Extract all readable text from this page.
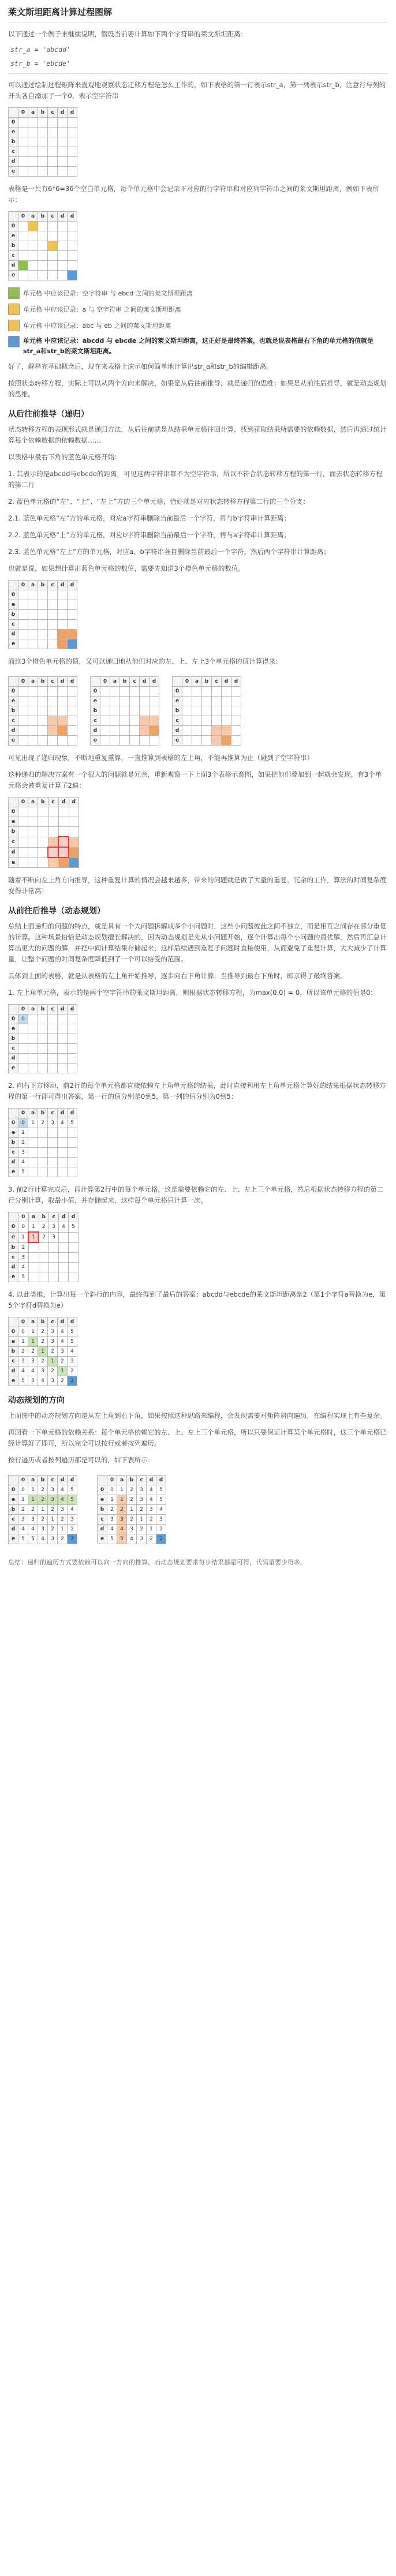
莱文斯坦距离计算过程图解

以下通过一个例子来继续说明，假设当前要计算如下两个字符串的莱文斯坦距离：

str_a = 'abcdd'
str_b = 'ebcde'

可以通过绘制过程矩阵来直观地观察状态迁移方程是怎么工作的，如下表格的第一行表示str_a，第一列表示str_b，注意行与列的开头各自添加了一个0，表示空字符串

	0	a	b	c	d	d
0						
e						
b						
c						
d						
e						

表格是一共有6*6=36个空白单元格，每个单元格中会记录下对应的行字符串和对应列字符串之间的莱文斯坦距离，例如下表所示：

	0	a	b	c	d	d
0						
e						
b						
c						
d						
e						
单元格 中应该记录：空字符串 与 ebcd 之间的莱文斯坦距离
单元格 中应该记录：a 与 空字符串 之间的莱文斯坦距离
单元格 中应该记录：abc 与 eb 之间的莱文斯坦距离
单元格 中应该记录：abcdd 与 ebcde 之间的莱文斯坦距离，这正好是最终答案，也就是说表格最右下角的单元格的值就是str_a和str_b的莱文斯坦距离。

好了，解释完基础概念后，现在来表格上演示如何简单地计算出str_a和str_b的编辑距离。

按照状态转移方程，实际上可以从两个方向来解决，如果是从后往前推导，就是递归的思维；如果是从前往后推导，就是动态规划的思维。

从后往前推导（递归）

状态转移方程的表现形式就是递归方法，从后往前就是从结果单元格往回计算，找到获取结果所需要的依赖数据，然后再通过统计算每个依赖数据的依赖数据……

以表格中最右下角的蓝色单元格开始：

1. 其表示的是abcdd与ebcde的距离，可见这两字符串都不为空字符串，所以不符合状态转移方程的第一行，而去状态转移方程的第二行

2. 蓝色单元格的“左”、“上”、“左上”方的三个单元格，恰好就是对应状态转移方程第二行的三个分支：

2.1. 蓝色单元格“左”方的单元格，对应a字符串删除当前最后一个字符，再与b字符串计算距离；

2.2. 蓝色单元格“上”方的单元格，对应b字符串删除当前最后一个字符，再与a字符串计算距离；

2.3. 蓝色单元格“左上”方的单元格，对应a、b字符串各自删除当前最后一个字符，然后两个字符串计算距离；

也就是说，如果想计算出蓝色单元格的数值，需要先知道3个橙色单元格的数值。

	0	a	b	c	d	d
0						
e						
b						
c						
d						
e						

而这3个橙色单元格的值，又可以递归地从他们对应的左、上、左上3个单元格的值计算得来：

	0	a	b	c	d	d
0						
e						
b						
c						
d						
e						
	0	a	b	c	d	d
0						
e						
b						
c						
d						
e						
	0	a	b	c	d	d
0						
e						
b						
c						
d						
e						

可见出现了递归现象，不断地重复重算，一直推算到表格的左上角，不能再推算为止（碰到了空字符串）

这种递归的解决方案有一个很大的问题就是冗余，重新观察一下上面3个表格示意图，如果把他们叠加到一起就会发现，有3个单元格会被重复计算了2遍：

	0	a	b	c	d	d
0						
e						
b						
c						
d						
e						

随着不断向左上角方向推导，这种重复计算的情况会越来越多，带来的问题就是做了大量的重复、冗余的工作，算法的时间复杂度变得非常高！

从前往后推导（动态规划）

总结上面递归的问题的特点，就是具有一个大问题拆解成多个小问题时，这些小问题彼此之间不独立，而是相互之间存在部分重复的计算。这种场景恰恰是动态规划擅长解决的，因为动态规划是先从小问题开始，逐个计算出每个小问题的最优解，然后再汇总计算出更大的问题的解，并把中间计算结果存储起来，这样后续遇到重复子问题时直接使用，从而避免了重复计算，大大减少了计算量，让整个问题的时间复杂度降低到了一个可以接受的范围。

具体到上面的表格，就是从表格的左上角开始推导，逐步向右下角计算，当推导到最右下角时，即求得了最终答案。

1. 左上角单元格，表示的是两个空字符串的莱文斯坦距离，则根据状态转移方程，为max(0,0) = 0，所以该单元格的值是0：

	0	a	b	c	d	d
0	0					
e						
b						
c						
d						
e						

2. 向右下方移动，前2行的每个单元格都直接依赖左上角单元格的结果，此时直接利用左上角单元格计算好的结果根据状态转移方程的第一行即可得出答案，第一行的值分别是0到5，第一列的值分别为0到5：

	0	a	b	c	d	d
0	0	1	2	3	4	5
e	1					
b	2					
c	3					
d	4					
e	5					

3. 前2行计算完成后，再计算第2行中的每个单元格，这是需要依赖它的左、上、左上三个单元格，然后根据状态转移方程的第二行分别计算，取最小值，并存储起来，这样每个单元格只计算一次。

	0	a	b	c	d	d
0	0	1	2	3	4	5
e	1	1	2	3		
b	2					
c	3					
d	4					
e	5					

4. 以此类推，计算出每一个斜行的内容，最终得到了最后的答案：abcdd与ebcde的莱文斯坦距离是2（第1个字符a替换为e，第5个字符d替换为e）

	0	a	b	c	d	d
0	0	1	2	3	4	5
e	1	1	2	3	4	5
b	2	2	1	2	3	4
c	3	3	2	1	2	3
d	4	4	3	2	1	2
e	5	5	4	3	2	2
动态规划的方向

上面图中的动态规划方向是从左上角到右下角，如果按照这种思路来编程，会发现需要对矩阵斜向遍历，在编程实现上有些复杂。

再回看一下单元格的依赖关系：每个单元格依赖它的左、上、左上三个单元格，所以只要保证计算某个单元格时，这三个单元格已经计算好了即可，所以完全可以按行或者按列遍历。

按行遍历或者按列遍历都是可以的，如下表所示：

	0	a	b	c	d	d
0	0	1	2	3	4	5
e	1	1	2	3	4	5
b	2	2	1	2	3	4
c	3	3	2	1	2	3
d	4	4	3	2	1	2
e	5	5	4	3	2	2
	0	a	b	c	d	d
0	0	1	2	3	4	5
e	1	1	2	3	4	5
b	2	2	1	2	3	4
c	3	3	2	1	2	3
d	4	4	3	2	1	2
e	5	5	4	3	2	2

总结：递归的遍历方式要依赖可以向一方向的推算，而动态规划要求每步结果都是可得，代码量要少得多。
